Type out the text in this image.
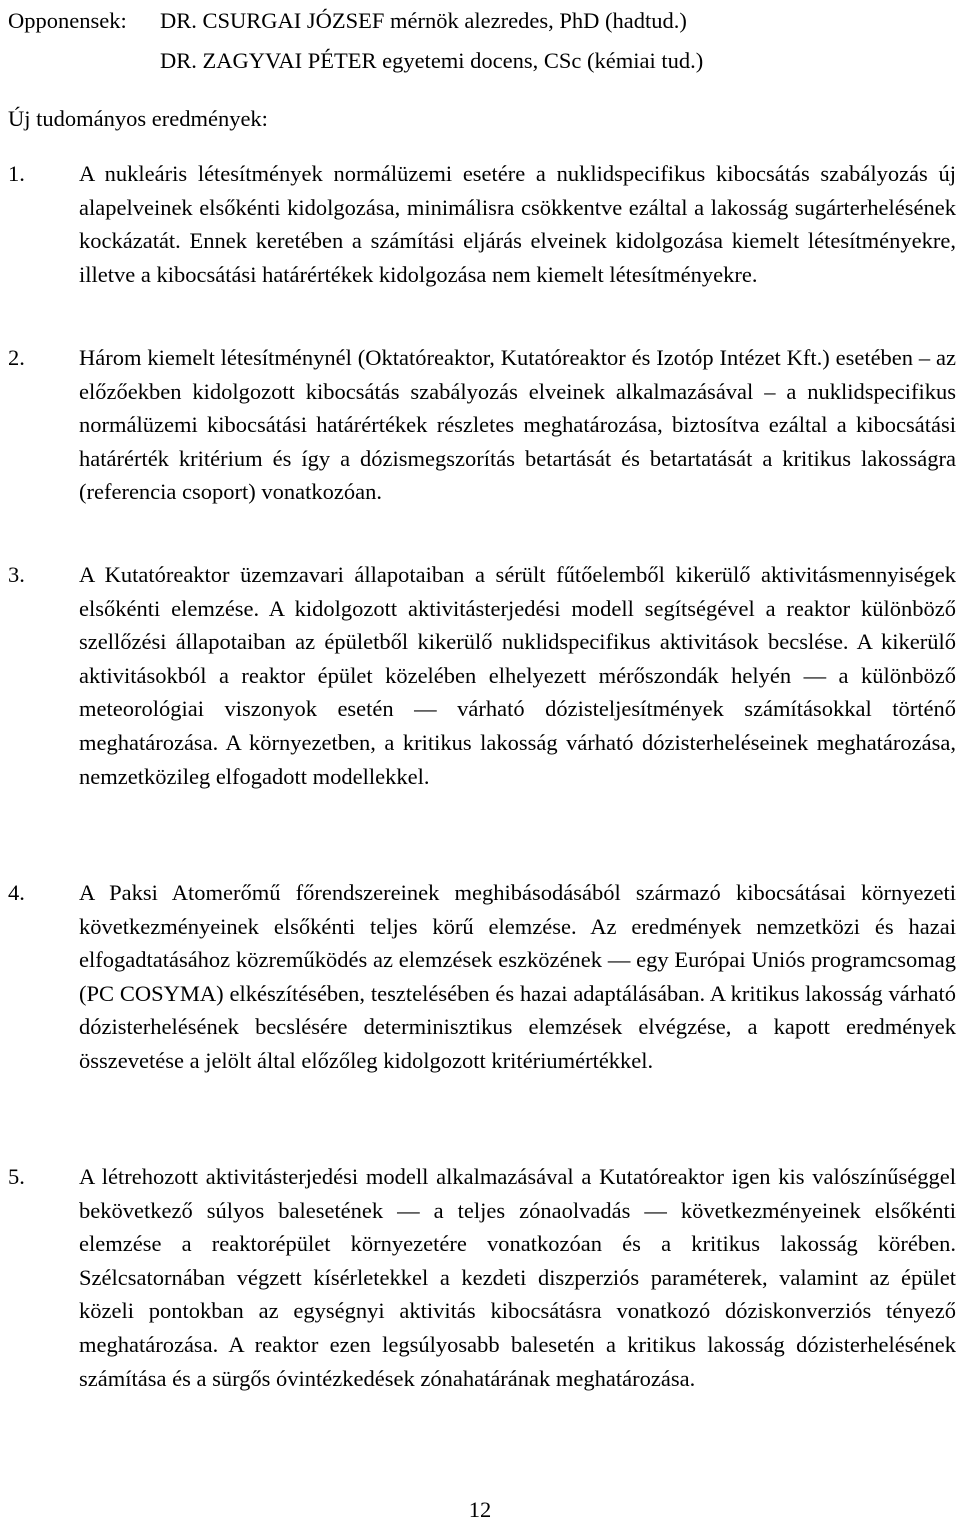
Opponensek: DR. CSURGAI JÓZSEF mérnök alezredes, PhD (hadtud.)
DR. ZAGYVAI PÉTER egyetemi docens, CSc (kémiai tud.)
Új tudományos eredmények:
1. A nukleáris létesítmények normálüzemi esetére a nuklidspecifikus kibocsátás szabályozás új alapelveinek elsőkénti kidolgozása, minimálisra csökkentve ezáltal a lakosság sugárterhelésének kockázatát. Ennek keretében a számítási eljárás elveinek kidolgozása kiemelt létesítményekre, illetve a kibocsátási határértékek kidolgozása nem kiemelt létesítményekre.
2. Három kiemelt létesítménynél (Oktatóreaktor, Kutatóreaktor és Izotóp Intézet Kft.) esetében – az előzőekben kidolgozott kibocsátás szabályozás elveinek alkalmazásával – a nuklidspecifikus normálüzemi kibocsátási határértékek részletes meghatározása, biztosítva ezáltal a kibocsátási határérték kritérium és így a dózismegszorítás betartását és betartatását a kritikus lakosságra (referencia csoport) vonatkozóan.
3. A Kutatóreaktor üzemzavari állapotaiban a sérült fűtőelemből kikerülő aktivitásmennyiségek elsőkénti elemzése. A kidolgozott aktivitásterjedési modell segítségével a reaktor különböző szellőzési állapotaiban az épületből kikerülő nuklidspecifikus aktivitások becslése. A kikerülő aktivitásokból a reaktor épület közelében elhelyezett mérőszondák helyén ― a különböző meteorológiai viszonyok esetén ― várható dózisteljesítmények számításokkal történő meghatározása. A környezetben, a kritikus lakosság várható dózisterheléseinek meghatározása, nemzetközileg elfogadott modellekkel.
4. A Paksi Atomerőmű főrendszereinek meghibásodásából származó kibocsátásai környezeti következményeinek elsőkénti teljes körű elemzése. Az eredmények nemzetközi és hazai elfogadtatásához közreműködés az elemzések eszközének ― egy Európai Uniós programcsomag (PC COSYMA) elkészítésében, tesztelésében és hazai adaptálásában. A kritikus lakosság várható dózisterhelésének becslésére determinisztikus elemzések elvégzése, a kapott eredmények összevetése a jelölt által előzőleg kidolgozott kritériumértékkel.
5. A létrehozott aktivitásterjedési modell alkalmazásával a Kutatóreaktor igen kis valószínűséggel bekövetkező súlyos balesetének ― a teljes zónaolvadás ― következményeinek elsőkénti elemzése a reaktorépület környezetére vonatkozóan és a kritikus lakosság körében. Szélcsatornában végzett kísérletekkel a kezdeti diszperziós paraméterek, valamint az épület közeli pontokban az egységnyi aktivitás kibocsátásra vonatkozó dóziskonverziós tényező meghatározása. A reaktor ezen legsúlyosabb balesetén a kritikus lakosság dózisterhelésének számítása és a sürgős óvintézkedések zónahatárának meghatározása.
12
